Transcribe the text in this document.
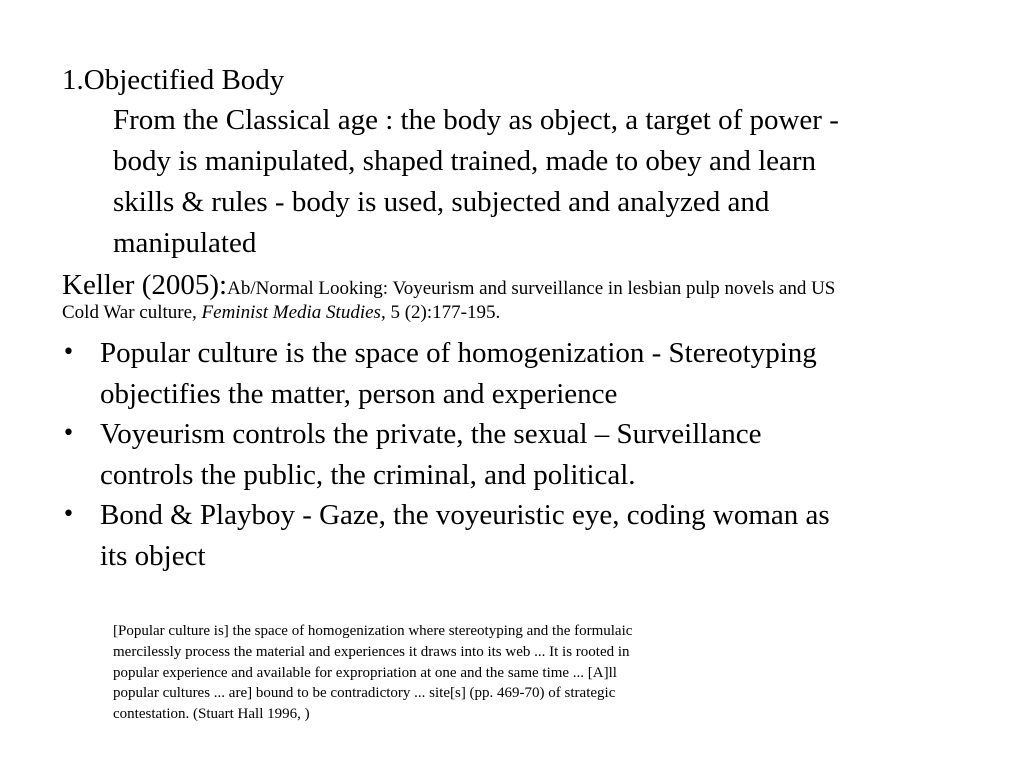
1.Objectified Body
From the Classical age : the body as object, a target of power -
body is manipulated, shaped trained, made to obey and learn
skills & rules - body is used, subjected and analyzed and
manipulated
Keller (2005):Ab/Normal Looking: Voyeurism and surveillance in lesbian pulp novels and US
Cold War culture, Feminist Media Studies, 5 (2):177-195.
• Popular culture is the space of homogenization - Stereotyping
objectifies the matter, person and experience
• Voyeurism controls the private, the sexual – Surveillance
controls the public, the criminal, and political.
• Bond & Playboy - Gaze, the voyeuristic eye, coding woman as
its object
[Popular culture is] the space of homogenization where stereotyping and the formulaic
mercilessly process the material and experiences it draws into its web ... It is rooted in
popular experience and available for expropriation at one and the same time ... [A]ll
popular cultures ... are] bound to be contradictory ... site[s] (pp. 469-70) of strategic
contestation. (Stuart Hall 1996, )
